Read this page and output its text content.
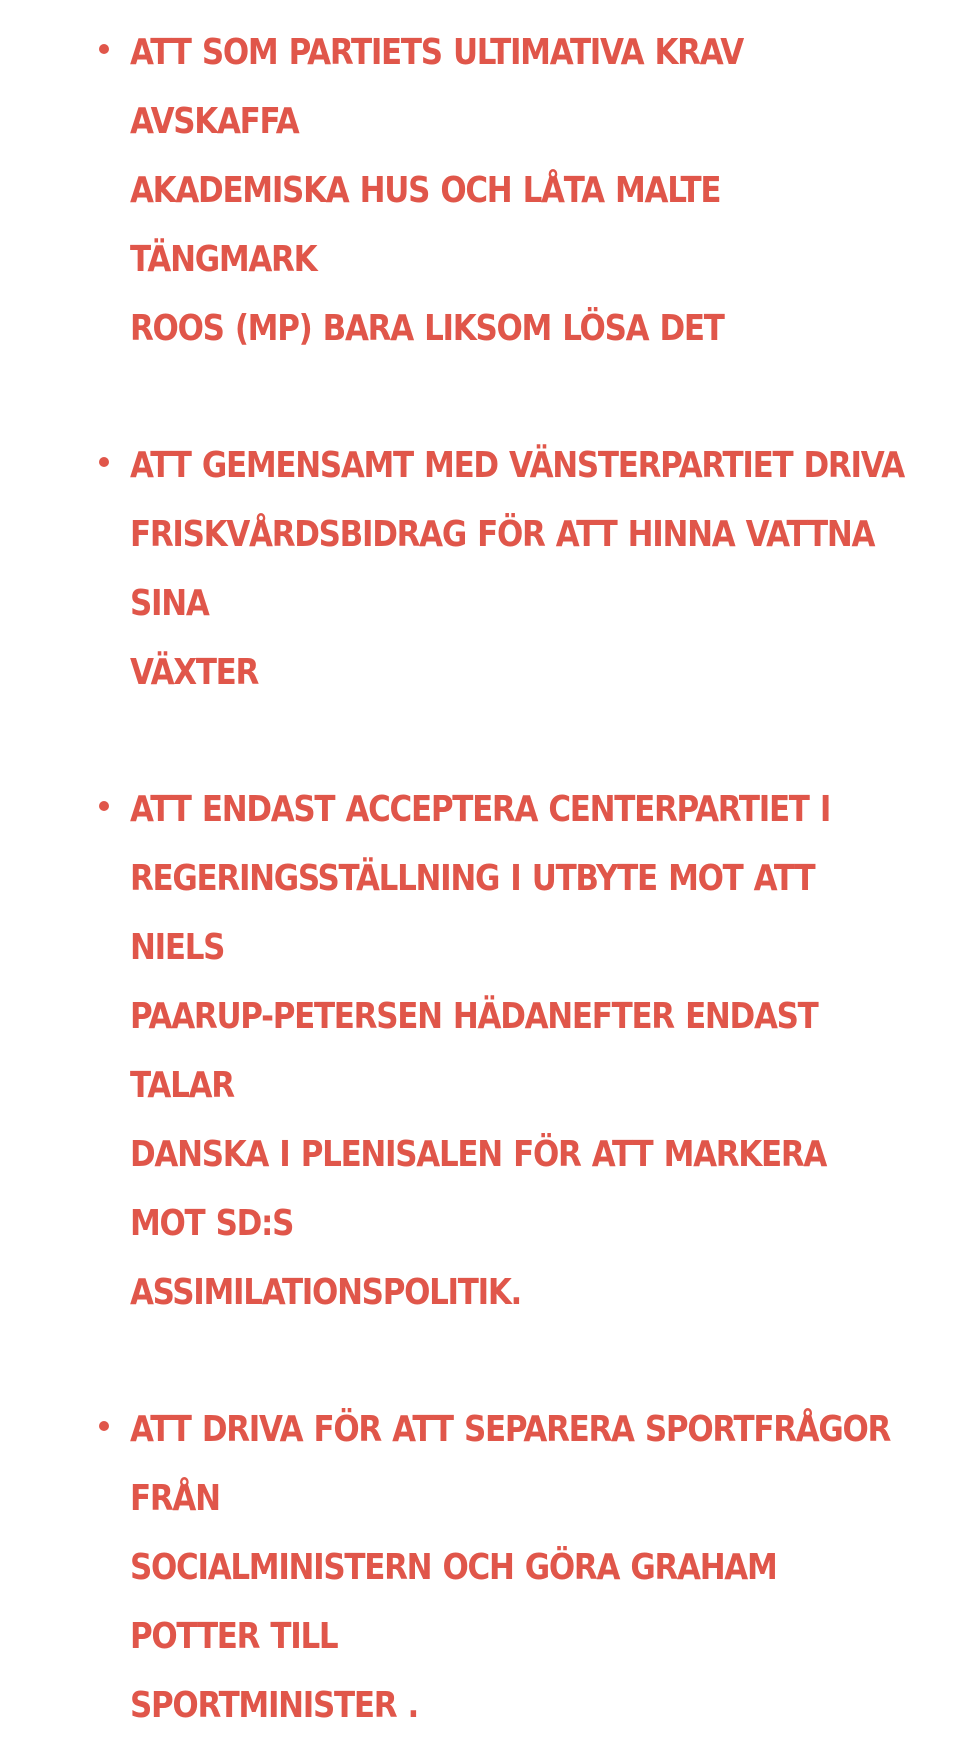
ATT SOM PARTIETS ULTIMATIVA KRAV AVSKAFFA
AKADEMISKA HUS OCH LÅTA MALTE TÄNGMARK
ROOS (MP) BARA LIKSOM LÖSA DET
ATT GEMENSAMT MED VÄNSTERPARTIET DRIVA
FRISKVÅRDSBIDRAG FÖR ATT HINNA VATTNA SINA
VÄXTER
ATT ENDAST ACCEPTERA CENTERPARTIET I
REGERINGSSTÄLLNING I UTBYTE MOT ATT NIELS
PAARUP-PETERSEN HÄDANEFTER ENDAST TALAR
DANSKA I PLENISALEN FÖR ATT MARKERA MOT SD:S
ASSIMILATIONSPOLITIK.
ATT DRIVA FÖR ATT SEPARERA SPORTFRÅGOR FRÅN
SOCIALMINISTERN OCH GÖRA GRAHAM POTTER TILL
SPORTMINISTER .
